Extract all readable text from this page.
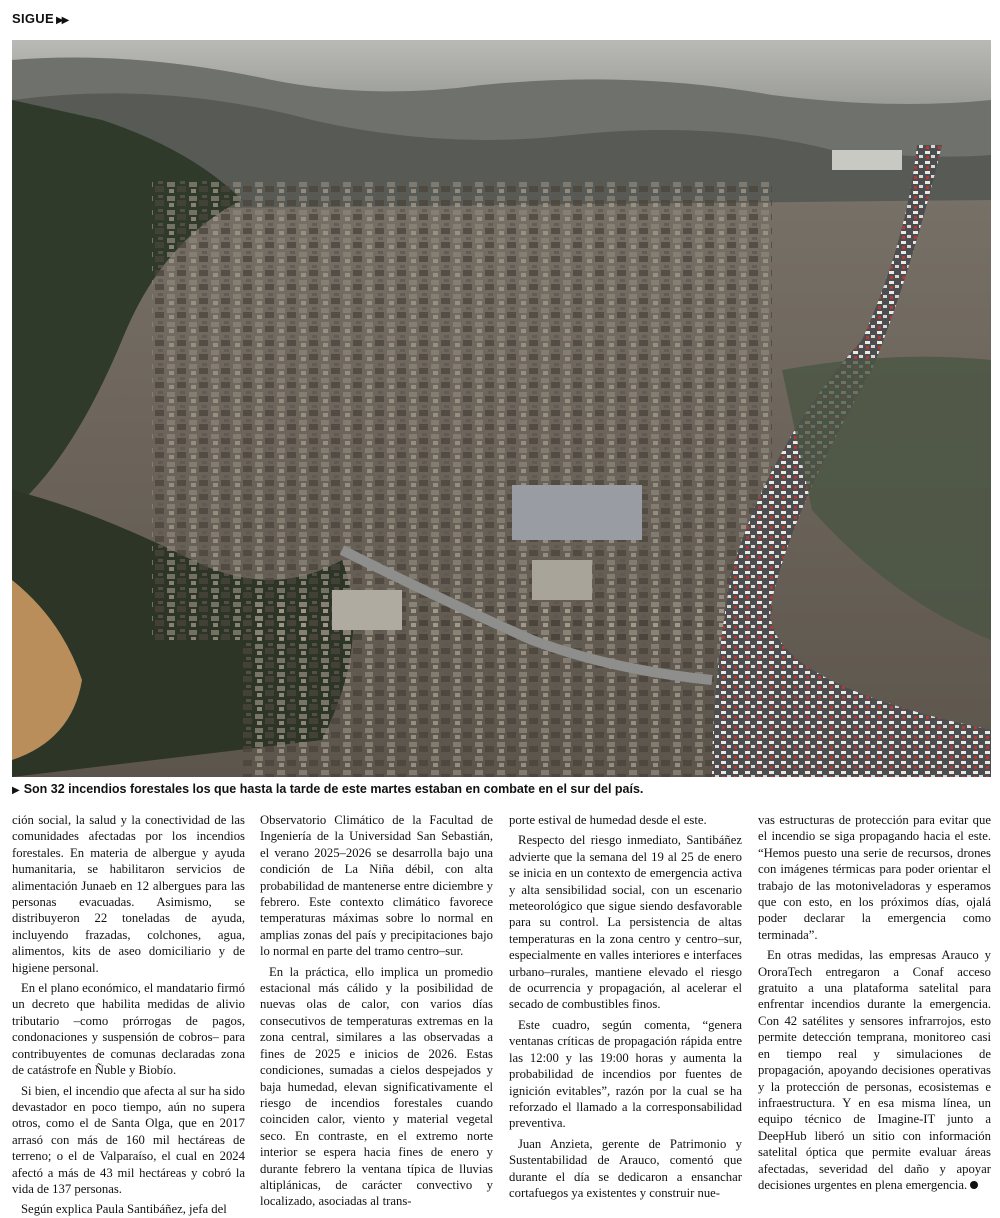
SIGUE ▶▶
▶ Son 32 incendios forestales los que hasta la tarde de este martes estaban en combate en el sur del país.

ción social, la salud y la conectividad de las comunidades afectadas por los incendios forestales. En materia de albergue y ayuda humanitaria, se habilitaron servicios de alimentación Junaeb en 12 albergues para las personas evacuadas. Asimismo, se distribuyeron 22 toneladas de ayuda, incluyendo frazadas, colchones, agua, alimentos, kits de aseo domiciliario y de higiene personal.

En el plano económico, el mandatario firmó un decreto que habilita medidas de alivio tributario –como prórrogas de pagos, condonaciones y suspensión de cobros– para contribuyentes de comunas declaradas zona de catástrofe en Ñuble y Biobío.

Si bien, el incendio que afecta al sur ha sido devastador en poco tiempo, aún no supera otros, como el de Santa Olga, que en 2017 arrasó con más de 160 mil hectáreas de terreno; o el de Valparaíso, el cual en 2024 afectó a más de 43 mil hectáreas y cobró la vida de 137 personas.

Según explica Paula Santibáñez, jefa del

Observatorio Climático de la Facultad de Ingeniería de la Universidad San Sebastián, el verano 2025–2026 se desarrolla bajo una condición de La Niña débil, con alta probabilidad de mantenerse entre diciembre y febrero. Este contexto climático favorece temperaturas máximas sobre lo normal en amplias zonas del país y precipitaciones bajo lo normal en parte del tramo centro–sur.

En la práctica, ello implica un promedio estacional más cálido y la posibilidad de nuevas olas de calor, con varios días consecutivos de temperaturas extremas en la zona central, similares a las observadas a fines de 2025 e inicios de 2026. Estas condiciones, sumadas a cielos despejados y baja humedad, elevan significativamente el riesgo de incendios forestales cuando coinciden calor, viento y material vegetal seco. En contraste, en el extremo norte interior se espera hacia fines de enero y durante febrero la ventana típica de lluvias altiplánicas, de carácter convectivo y localizado, asociadas al trans-

porte estival de humedad desde el este.

Respecto del riesgo inmediato, Santibáñez advierte que la semana del 19 al 25 de enero se inicia en un contexto de emergencia activa y alta sensibilidad social, con un escenario meteorológico que sigue siendo desfavorable para su control. La persistencia de altas temperaturas en la zona centro y centro–sur, especialmente en valles interiores e interfaces urbano–rurales, mantiene elevado el riesgo de ocurrencia y propagación, al acelerar el secado de combustibles finos.

Este cuadro, según comenta, “genera ventanas críticas de propagación rápida entre las 12:00 y las 19:00 horas y aumenta la probabilidad de incendios por fuentes de ignición evitables”, razón por la cual se ha reforzado el llamado a la corresponsabilidad preventiva.

Juan Anzieta, gerente de Patrimonio y Sustentabilidad de Arauco, comentó que durante el día se dedicaron a ensanchar cortafuegos ya existentes y construir nue-

vas estructuras de protección para evitar que el incendio se siga propagando hacia el este. “Hemos puesto una serie de recursos, drones con imágenes térmicas para poder orientar el trabajo de las motoniveladoras y esperamos que con esto, en los próximos días, ojalá poder declarar la emergencia como terminada”.

En otras medidas, las empresas Arauco y OroraTech entregaron a Conaf acceso gratuito a una plataforma satelital para enfrentar incendios durante la emergencia. Con 42 satélites y sensores infrarrojos, esto permite detección temprana, monitoreo casi en tiempo real y simulaciones de propagación, apoyando decisiones operativas y la protección de personas, ecosistemas e infraestructura. Y en esa misma línea, un equipo técnico de Imagine-IT junto a DeepHub liberó un sitio con información satelital óptica que permite evaluar áreas afectadas, severidad del daño y apoyar decisiones urgentes en plena emergencia.
